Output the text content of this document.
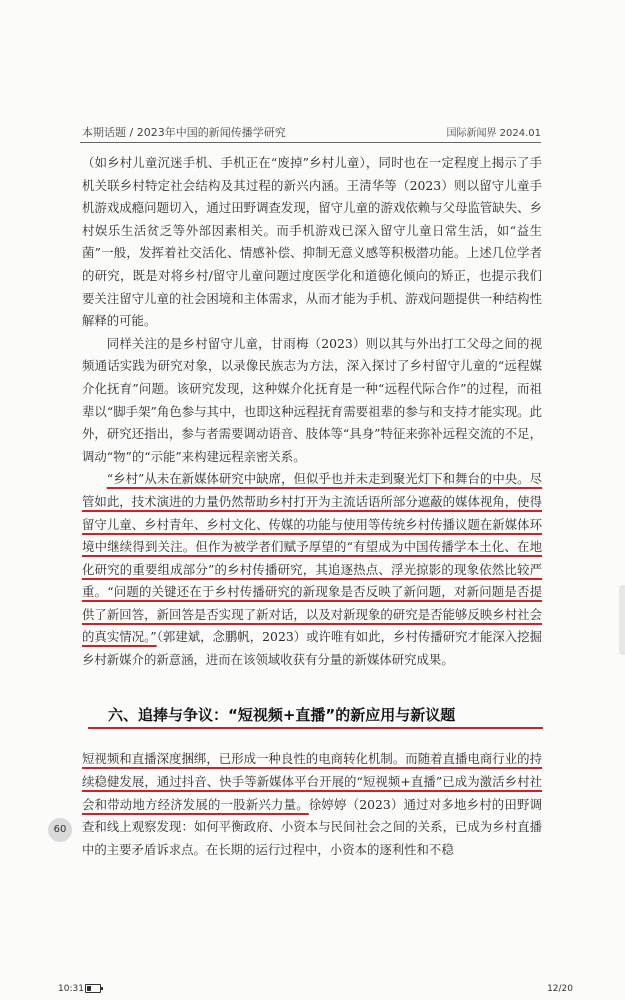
本期话题 / 2023年中国的新闻传播学研究	国际新闻界 2024.01

（如乡村儿童沉迷手机、手机正在“废掉”乡村儿童），同时也在一定程度上揭示了手机关联乡村特定社会结构及其过程的新兴内涵。王清华等（2023）则以留守儿童手机游戏成瘾问题切入，通过田野调查发现，留守儿童的游戏依赖与父母监管缺失、乡村娱乐生活贫乏等外部因素相关。而手机游戏已深入留守儿童日常生活，如“益生菌”一般，发挥着社交活化、情感补偿、抑制无意义感等积极潜功能。上述几位学者的研究，既是对将乡村/留守儿童问题过度医学化和道德化倾向的矫正，也提示我们要关注留守儿童的社会困境和主体需求，从而才能为手机、游戏问题提供一种结构性解释的可能。

同样关注的是乡村留守儿童，甘雨梅（2023）则以其与外出打工父母之间的视频通话实践为研究对象，以录像民族志为方法，深入探讨了乡村留守儿童的“远程媒介化抚育”问题。该研究发现，这种媒介化抚育是一种“远程代际合作”的过程，而祖辈以“脚手架”角色参与其中，也即这种远程抚育需要祖辈的参与和支持才能实现。此外，研究还指出，参与者需要调动语音、肢体等“具身”特征来弥补远程交流的不足，调动“物”的“示能”来构建远程亲密关系。

“乡村”从未在新媒体研究中缺席，但似乎也并未走到聚光灯下和舞台的中央。尽管如此，技术演进的力量仍然帮助乡村打开为主流话语所部分遮蔽的媒体视角，使得留守儿童、乡村青年、乡村文化、传媒的功能与使用等传统乡村传播议题在新媒体环境中继续得到关注。但作为被学者们赋予厚望的“有望成为中国传播学本土化、在地化研究的重要组成部分”的乡村传播研究，其追逐热点、浮光掠影的现象依然比较严重。“问题的关键还在于乡村传播研究的新现象是否反映了新问题，对新问题是否提供了新回答，新回答是否实现了新对话，以及对新现象的研究是否能够反映乡村社会的真实情况。”（郭建斌，念鹏帆，2023）或许唯有如此，乡村传播研究才能深入挖掘乡村新媒介的新意涵，进而在该领域收获有分量的新媒体研究成果。

六、追捧与争议：“短视频+直播”的新应用与新议题

短视频和直播深度捆绑，已形成一种良性的电商转化机制。而随着直播电商行业的持续稳健发展，通过抖音、快手等新媒体平台开展的“短视频+直播”已成为激活乡村社会和带动地方经济发展的一股新兴力量。徐婷婷（2023）通过对多地乡村的田野调查和线上观察发现：如何平衡政府、小资本与民间社会之间的关系，已成为乡村直播中的主要矛盾诉求点。在长期的运行过程中，小资本的逐利性和不稳

60
10:31	12/20
